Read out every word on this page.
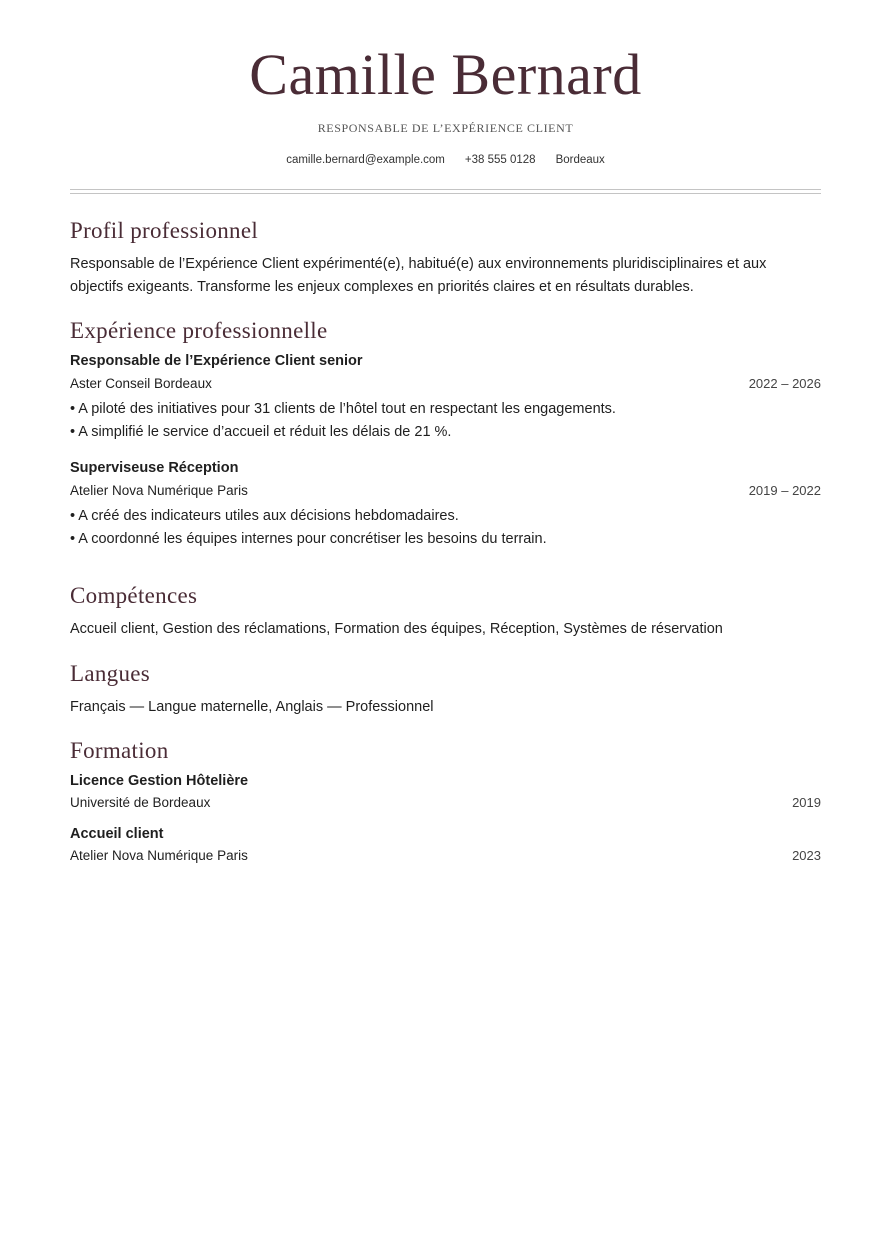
Camille Bernard
RESPONSABLE DE L’EXPÉRIENCE CLIENT
camille.bernard@example.com +38 555 0128 Bordeaux
Profil professionnel
Responsable de l’Expérience Client expérimenté(e), habitué(e) aux environnements pluridisciplinaires et aux objectifs exigeants. Transforme les enjeux complexes en priorités claires et en résultats durables.
Expérience professionnelle
Responsable de l’Expérience Client senior
Aster Conseil Bordeaux	2022 – 2026
• A piloté des initiatives pour 31 clients de l’hôtel tout en respectant les engagements.
• A simplifié le service d’accueil et réduit les délais de 21 %.
Superviseuse Réception
Atelier Nova Numérique Paris	2019 – 2022
• A créé des indicateurs utiles aux décisions hebdomadaires.
• A coordonné les équipes internes pour concrétiser les besoins du terrain.
Compétences
Accueil client, Gestion des réclamations, Formation des équipes, Réception, Systèmes de réservation
Langues
Français — Langue maternelle, Anglais — Professionnel
Formation
Licence Gestion Hôtelière
Université de Bordeaux	2019
Accueil client
Atelier Nova Numérique Paris	2023
